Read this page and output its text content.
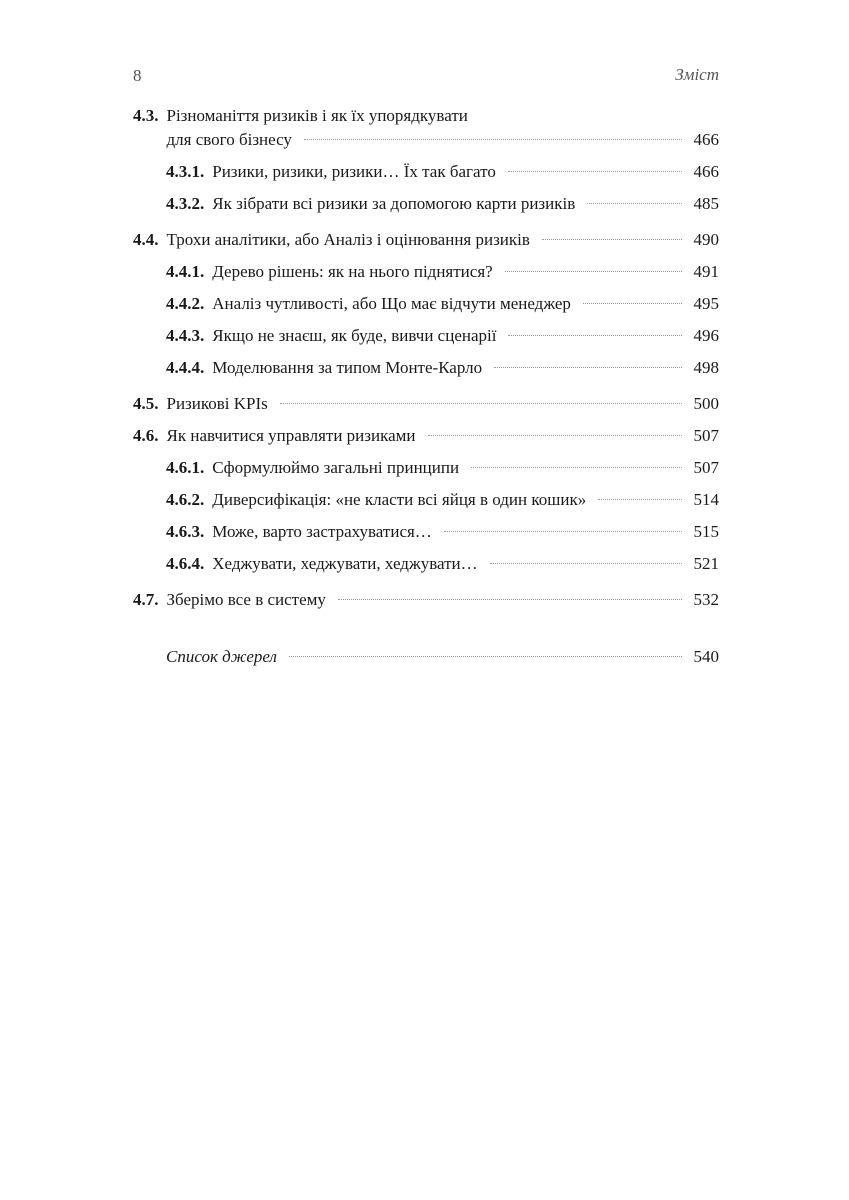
8	Зміст
4.3. Різноманіття ризиків і як їх упорядкувати
для свого бізнесу	466
4.3.1. Ризики, ризики, ризики… Їх так багато	466
4.3.2. Як зібрати всі ризики за допомогою карти ризиків	485
4.4. Трохи аналітики, або Аналіз і оцінювання ризиків	490
4.4.1. Дерево рішень: як на нього піднятися?	491
4.4.2. Аналіз чутливості, або Що має відчути менеджер	495
4.4.3. Якщо не знаєш, як буде, вивчи сценарії	496
4.4.4. Моделювання за типом Монте-Карло	498
4.5. Ризикові KPIs	500
4.6. Як навчитися управляти ризиками	507
4.6.1. Сформулюймо загальні принципи	507
4.6.2. Диверсифікація: «не класти всі яйця в один кошик»	514
4.6.3. Може, варто застрахуватися…	515
4.6.4. Хеджувати, хеджувати, хеджувати…	521
4.7. Зберімо все в систему	532
Список джерел	540
